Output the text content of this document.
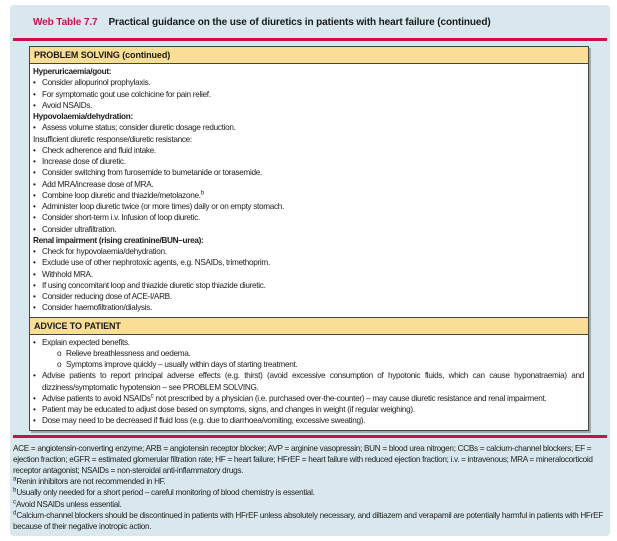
Web Table 7.7 Practical guidance on the use of diuretics in patients with heart failure (continued)
PROBLEM SOLVING (continued)
Hyperuricaemia/gout:
• Consider allopurinol prophylaxis.
• For symptomatic gout use colchicine for pain relief.
• Avoid NSAIDs.
Hypovolaemia/dehydration:
• Assess volume status; consider diuretic dosage reduction.
Insufficient diuretic response/diuretic resistance:
• Check adherence and fluid intake.
• Increase dose of diuretic.
• Consider switching from furosemide to bumetanide or torasemide.
• Add MRA/increase dose of MRA.
• Combine loop diuretic and thiazide/metolazone.$^b$
• Administer loop diuretic twice (or more times) daily or on empty stomach.
• Consider short-term i.v. Infusion of loop diuretic.
• Consider ultrafiltration.
Renal impairment (rising creatinine/BUN–urea):
• Check for hypovolaemia/dehydration.
• Exclude use of other nephrotoxic agents, e.g. NSAIDs, trimethoprim.
• Withhold MRA.
• If using concomitant loop and thiazide diuretic stop thiazide diuretic.
• Consider reducing dose of ACE-I/ARB.
• Consider haemofiltration/dialysis.
ADVICE TO PATIENT
• Explain expected benefits.
o Relieve breathlessness and oedema.
o Symptoms improve quickly – usually within days of starting treatment.
• Advise patients to report principal adverse effects (e.g. thirst) (avoid excessive consumption of hypotonic fluids, which can cause hyponatraemia) and dizziness/symptomatic hypotension – see PROBLEM SOLVING.
• Advise patients to avoid NSAIDs$^c$ not prescribed by a physician (i.e. purchased over-the-counter) – may cause diuretic resistance and renal impairment.
• Patient may be educated to adjust dose based on symptoms, signs, and changes in weight (if regular weighing).
• Dose may need to be decreased if fluid loss (e.g. due to diarrhoea/vomiting, excessive sweating).

ACE = angiotensin-converting enzyme; ARB = angiotensin receptor blocker; AVP = arginine vasopressin; BUN = blood urea nitrogen; CCBs = calcium-channel blockers; EF = ejection fraction; eGFR = estimated glomerular filtration rate; HF = heart failure; HFrEF = heart failure with reduced ejection fraction; i.v. = intravenous; MRA = mineralocorticoid receptor antagonist; NSAIDs = non-steroidal anti-inflammatory drugs.

$^a$Renin inhibitors are not recommended in HF.

$^b$Usually only needed for a short period – careful monitoring of blood chemistry is essential.

$^c$Avoid NSAIDs unless essential.

$^d$Calcium-channel blockers should be discontinued in patients with HFrEF unless absolutely necessary, and diltiazem and verapamil are potentially harmful in patients with HFrEF because of their negative inotropic action.
